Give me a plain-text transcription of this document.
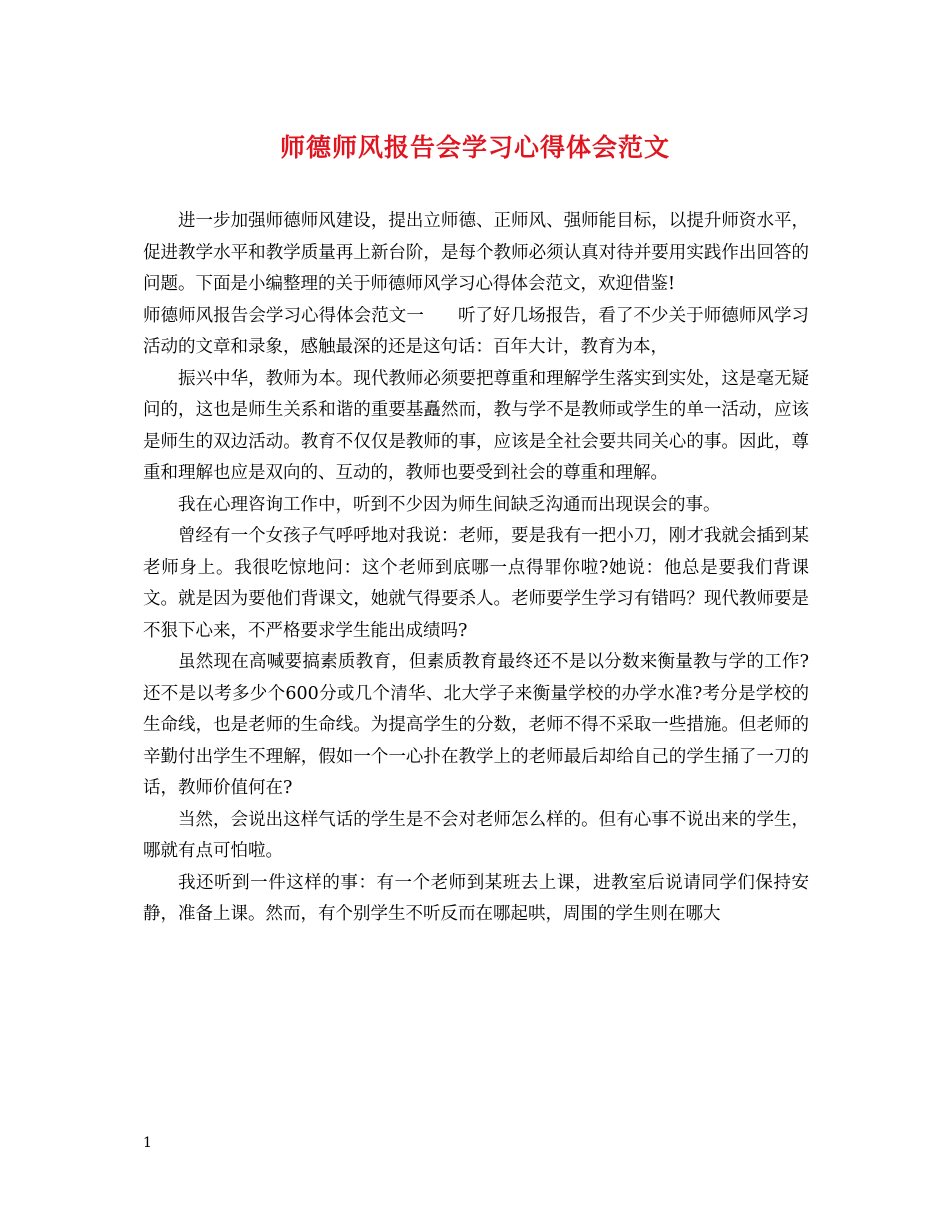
师德师风报告会学习心得体会范文

进一步加强师德师风建设，提出立师德、正师风、强师能目标，以提升师资水平，促进教学水平和教学质量再上新台阶，是每个教师必须认真对待并要用实践作出回答的问题。下面是小编整理的关于师德师风学习心得体会范文，欢迎借鉴!

师德师风报告会学习心得体会范文一 听了好几场报告，看了不少关于师德师风学习活动的文章和录象，感触最深的还是这句话：百年大计，教育为本，

振兴中华，教师为本。现代教师必须要把尊重和理解学生落实到实处，这是毫无疑问的，这也是师生关系和谐的重要基矗然而，教与学不是教师或学生的单一活动，应该是师生的双边活动。教育不仅仅是教师的事，应该是全社会要共同关心的事。因此，尊重和理解也应是双向的、互动的，教师也要受到社会的尊重和理解。

我在心理咨询工作中，听到不少因为师生间缺乏沟通而出现误会的事。

曾经有一个女孩子气呼呼地对我说：老师，要是我有一把小刀，刚才我就会插到某老师身上。我很吃惊地问：这个老师到底哪一点得罪你啦?她说：他总是要我们背课文。就是因为要他们背课文，她就气得要杀人。老师要学生学习有错吗？现代教师要是不狠下心来，不严格要求学生能出成绩吗?

虽然现在高喊要搞素质教育，但素质教育最终还不是以分数来衡量教与学的工作?还不是以考多少个600分或几个清华、北大学子来衡量学校的办学水准?考分是学校的生命线，也是老师的生命线。为提高学生的分数，老师不得不采取一些措施。但老师的辛勤付出学生不理解，假如一个一心扑在教学上的老师最后却给自己的学生捅了一刀的话，教师价值何在?

当然，会说出这样气话的学生是不会对老师怎么样的。但有心事不说出来的学生，哪就有点可怕啦。

我还听到一件这样的事：有一个老师到某班去上课，进教室后说请同学们保持安静，准备上课。然而，有个别学生不听反而在哪起哄，周围的学生则在哪大

1
